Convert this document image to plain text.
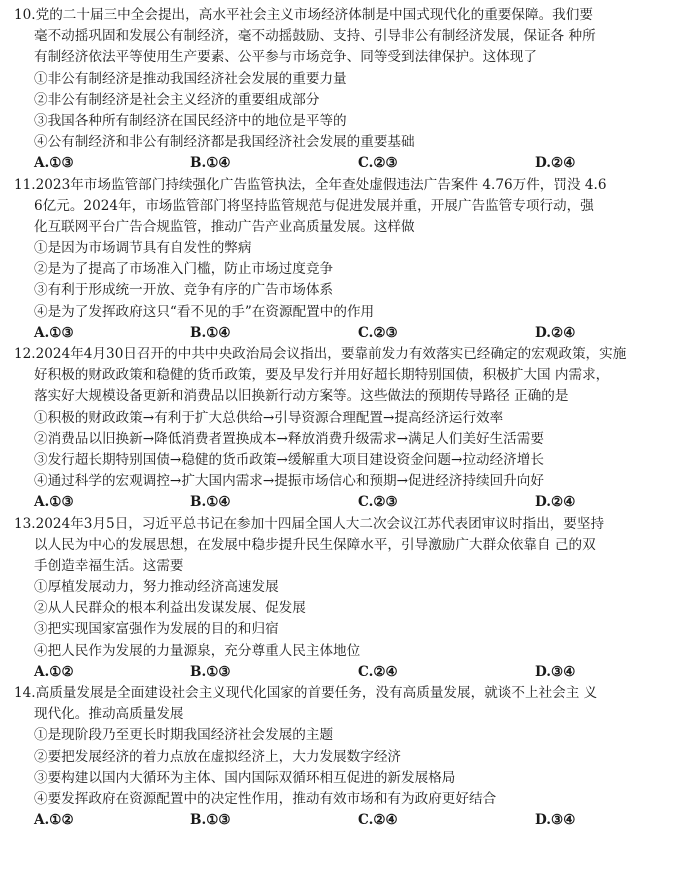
10.党的二十届三中全会提出，高水平社会主义市场经济体制是中国式现代化的重要保障。我们要
毫不动摇巩固和发展公有制经济，毫不动摇鼓励、支持、引导非公有制经济发展，保证各 种所
有制经济依法平等使用生产要素、公平参与市场竞争、同等受到法律保护。这体现了
①非公有制经济是推动我国经济社会发展的重要力量
②非公有制经济是社会主义经济的重要组成部分
③我国各种所有制经济在国民经济中的地位是平等的
④公有制经济和非公有制经济都是我国经济社会发展的重要基础
A.①③	B.①④	C.②③	D.②④
11.2023年市场监管部门持续强化广告监管执法，全年查处虚假违法广告案件 4.76万件，罚没 4.6
6亿元。2024年，市场监管部门将坚持监管规范与促进发展并重，开展广告监管专项行动，强
化互联网平台广告合规监管，推动广告产业高质量发展。这样做
①是因为市场调节具有自发性的弊病
②是为了提高了市场准入门槛，防止市场过度竞争
③有利于形成统一开放、竞争有序的广告市场体系
④是为了发挥政府这只“看不见的手”在资源配置中的作用
A.①③	B.①④	C.②③	D.②④
12.2024年4月30日召开的中共中央政治局会议指出，要靠前发力有效落实已经确定的宏观政策，实施
好积极的财政政策和稳健的货币政策，要及早发行并用好超长期特别国债，积极扩大国 内需求，
落实好大规模设备更新和消费品以旧换新行动方案等。这些做法的预期传导路径 正确的是
①积极的财政政策→有利于扩大总供给→引导资源合理配置→提高经济运行效率
②消费品以旧换新→降低消费者置换成本→释放消费升级需求→满足人们美好生活需要
③发行超长期特别国债→稳健的货币政策→缓解重大项目建设资金问题→拉动经济增长
④通过科学的宏观调控→扩大国内需求→提振市场信心和预期→促进经济持续回升向好
A.①③	B.①④	C.②③	D.②④
13.2024年3月5日，习近平总书记在参加十四届全国人大二次会议江苏代表团审议时指出，要坚持
以人民为中心的发展思想，在发展中稳步提升民生保障水平，引导激励广大群众依靠自 己的双
手创造幸福生活。这需要
①厚植发展动力，努力推动经济高速发展
②从人民群众的根本利益出发谋发展、促发展
③把实现国家富强作为发展的目的和归宿
④把人民作为发展的力量源泉，充分尊重人民主体地位
A.①②	B.①③	C.②④	D.③④
14.高质量发展是全面建设社会主义现代化国家的首要任务，没有高质量发展，就谈不上社会主 义
现代化。推动高质量发展
①是现阶段乃至更长时期我国经济社会发展的主题
②要把发展经济的着力点放在虚拟经济上，大力发展数字经济
③要构建以国内大循环为主体、国内国际双循环相互促进的新发展格局
④要发挥政府在资源配置中的决定性作用，推动有效市场和有为政府更好结合
A.①②	B.①③	C.②④	D.③④
